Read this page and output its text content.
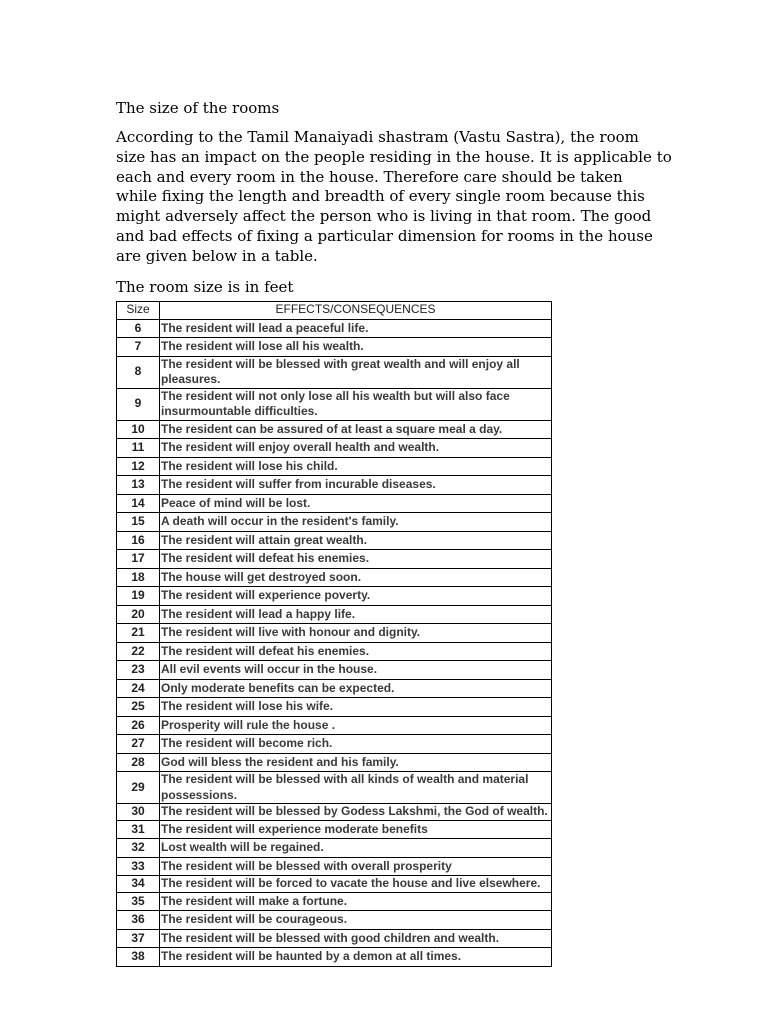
The size of the rooms
According to the Tamil Manaiyadi shastram (Vastu Sastra), the room
size has an impact on the people residing in the house. It is applicable to
each and every room in the house. Therefore care should be taken
while fixing the length and breadth of every single room because this
might adversely affect the person who is living in that room. The good
and bad effects of fixing a particular dimension for rooms in the house
are given below in a table.
The room size is in feet
Size	EFFECTS/CONSEQUENCES
6	The resident will lead a peaceful life.
7	The resident will lose all his wealth.
8	The resident will be blessed with great wealth and will enjoy all pleasures.
9	The resident will not only lose all his wealth but will also face insurmountable difficulties.
10	The resident can be assured of at least a square meal a day.
11	The resident will enjoy overall health and wealth.
12	The resident will lose his child.
13	The resident will suffer from incurable diseases.
14	Peace of mind will be lost.
15	A death will occur in the resident's family.
16	The resident will attain great wealth.
17	The resident will defeat his enemies.
18	The house will get destroyed soon.
19	The resident will experience poverty.
20	The resident will lead a happy life.
21	The resident will live with honour and dignity.
22	The resident will defeat his enemies.
23	All evil events will occur in the house.
24	Only moderate benefits can be expected.
25	The resident will lose his wife.
26	Prosperity will rule the house .
27	The resident will become rich.
28	God will bless the resident and his family.
29	The resident will be blessed with all kinds of wealth and material possessions.
30	The resident will be blessed by Godess Lakshmi, the God of wealth.
31	The resident will experience moderate benefits
32	Lost wealth will be regained.
33	The resident will be blessed with overall prosperity
34	The resident will be forced to vacate the house and live elsewhere.
35	The resident will make a fortune.
36	The resident will be courageous.
37	The resident will be blessed with good children and wealth.
38	The resident will be haunted by a demon at all times.
